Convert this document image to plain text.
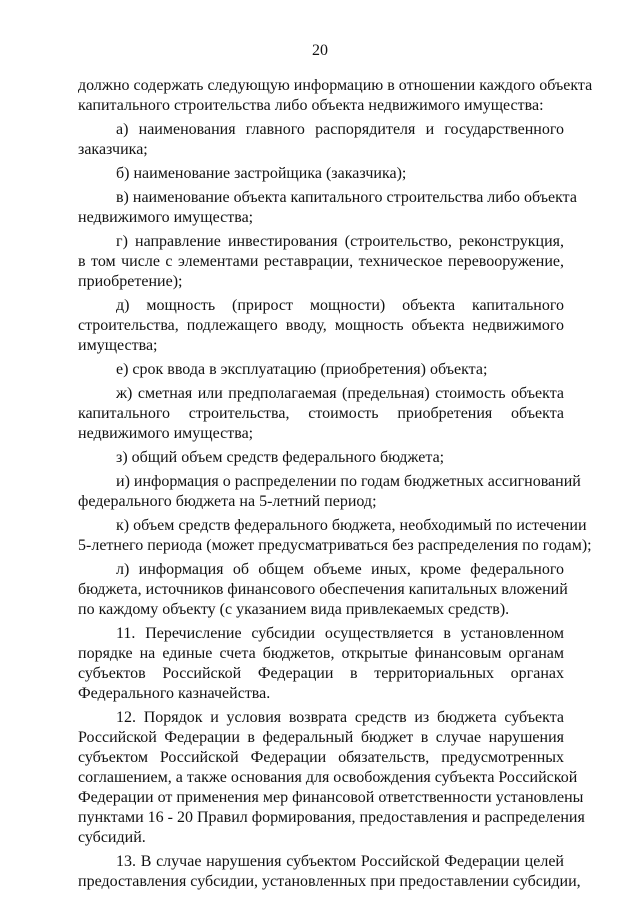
20
должно содержать следующую информацию в отношении каждого объекта
капитального строительства либо объекта недвижимого имущества:
а) наименования главного распорядителя и государственного
заказчика;
б) наименование застройщика (заказчика);
в) наименование объекта капитального строительства либо объекта
недвижимого имущества;
г) направление инвестирования (строительство, реконструкция,
в том числе с элементами реставрации, техническое перевооружение,
приобретение);
д) мощность (прирост мощности) объекта капитального
строительства, подлежащего вводу, мощность объекта недвижимого
имущества;
е) срок ввода в эксплуатацию (приобретения) объекта;
ж) сметная или предполагаемая (предельная) стоимость объекта
капитального строительства, стоимость приобретения объекта
недвижимого имущества;
з) общий объем средств федерального бюджета;
и) информация о распределении по годам бюджетных ассигнований
федерального бюджета на 5-летний период;
к) объем средств федерального бюджета, необходимый по истечении
5-летнего периода (может предусматриваться без распределения по годам);
л) информация об общем объеме иных, кроме федерального
бюджета, источников финансового обеспечения капитальных вложений
по каждому объекту (с указанием вида привлекаемых средств).
11. Перечисление субсидии осуществляется в установленном
порядке на единые счета бюджетов, открытые финансовым органам
субъектов Российской Федерации в территориальных органах
Федерального казначейства.
12. Порядок и условия возврата средств из бюджета субъекта
Российской Федерации в федеральный бюджет в случае нарушения
субъектом Российской Федерации обязательств, предусмотренных
соглашением, а также основания для освобождения субъекта Российской
Федерации от применения мер финансовой ответственности установлены
пунктами 16 - 20 Правил формирования, предоставления и распределения
субсидий.
13. В случае нарушения субъектом Российской Федерации целей
предоставления субсидии, установленных при предоставлении субсидии,
